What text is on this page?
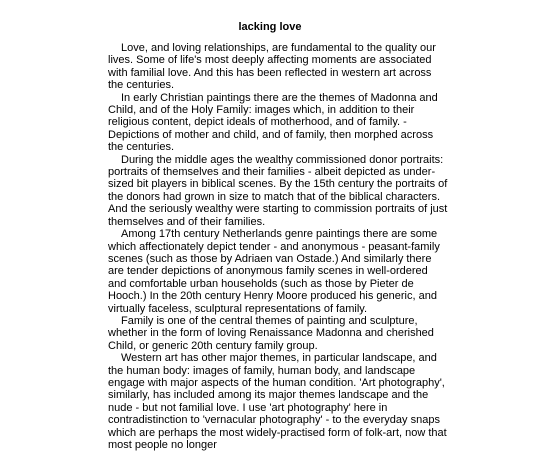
lacking love

Love, and loving relationships, are fundamental to the quality our lives. Some of life's most deeply affecting moments are associated with familial love. And this has been reflected in western art across the centuries.

In early Christian paintings there are the themes of Madonna and Child, and of the Holy Family: images which, in addition to their religious content, depict ideals of motherhood, and of family. - Depictions of mother and child, and of family, then morphed across the centuries.

During the middle ages the wealthy commissioned donor portraits: portraits of themselves and their families - albeit depicted as under-sized bit players in biblical scenes. By the 15th century the portraits of the donors had grown in size to match that of the biblical characters. And the seriously wealthy were starting to commission portraits of just themselves and of their families.

Among 17th century Netherlands genre paintings there are some which affectionately depict tender - and anonymous - peasant-family scenes (such as those by Adriaen van Ostade.) And similarly there are tender depictions of anonymous family scenes in well-ordered and comfortable urban households (such as those by Pieter de Hooch.) In the 20th century Henry Moore produced his generic, and virtually faceless, sculptural representations of family.

Family is one of the central themes of painting and sculpture, whether in the form of loving Renaissance Madonna and cherished Child, or generic 20th century family group.

Western art has other major themes, in particular landscape, and the human body: images of family, human body, and landscape engage with major aspects of the human condition. 'Art photography', similarly, has included among its major themes landscape and the nude - but not familial love. I use 'art photography' here in contradistinction to 'vernacular photography' - to the everyday snaps which are perhaps the most widely-practised form of folk-art, now that most people no longer
